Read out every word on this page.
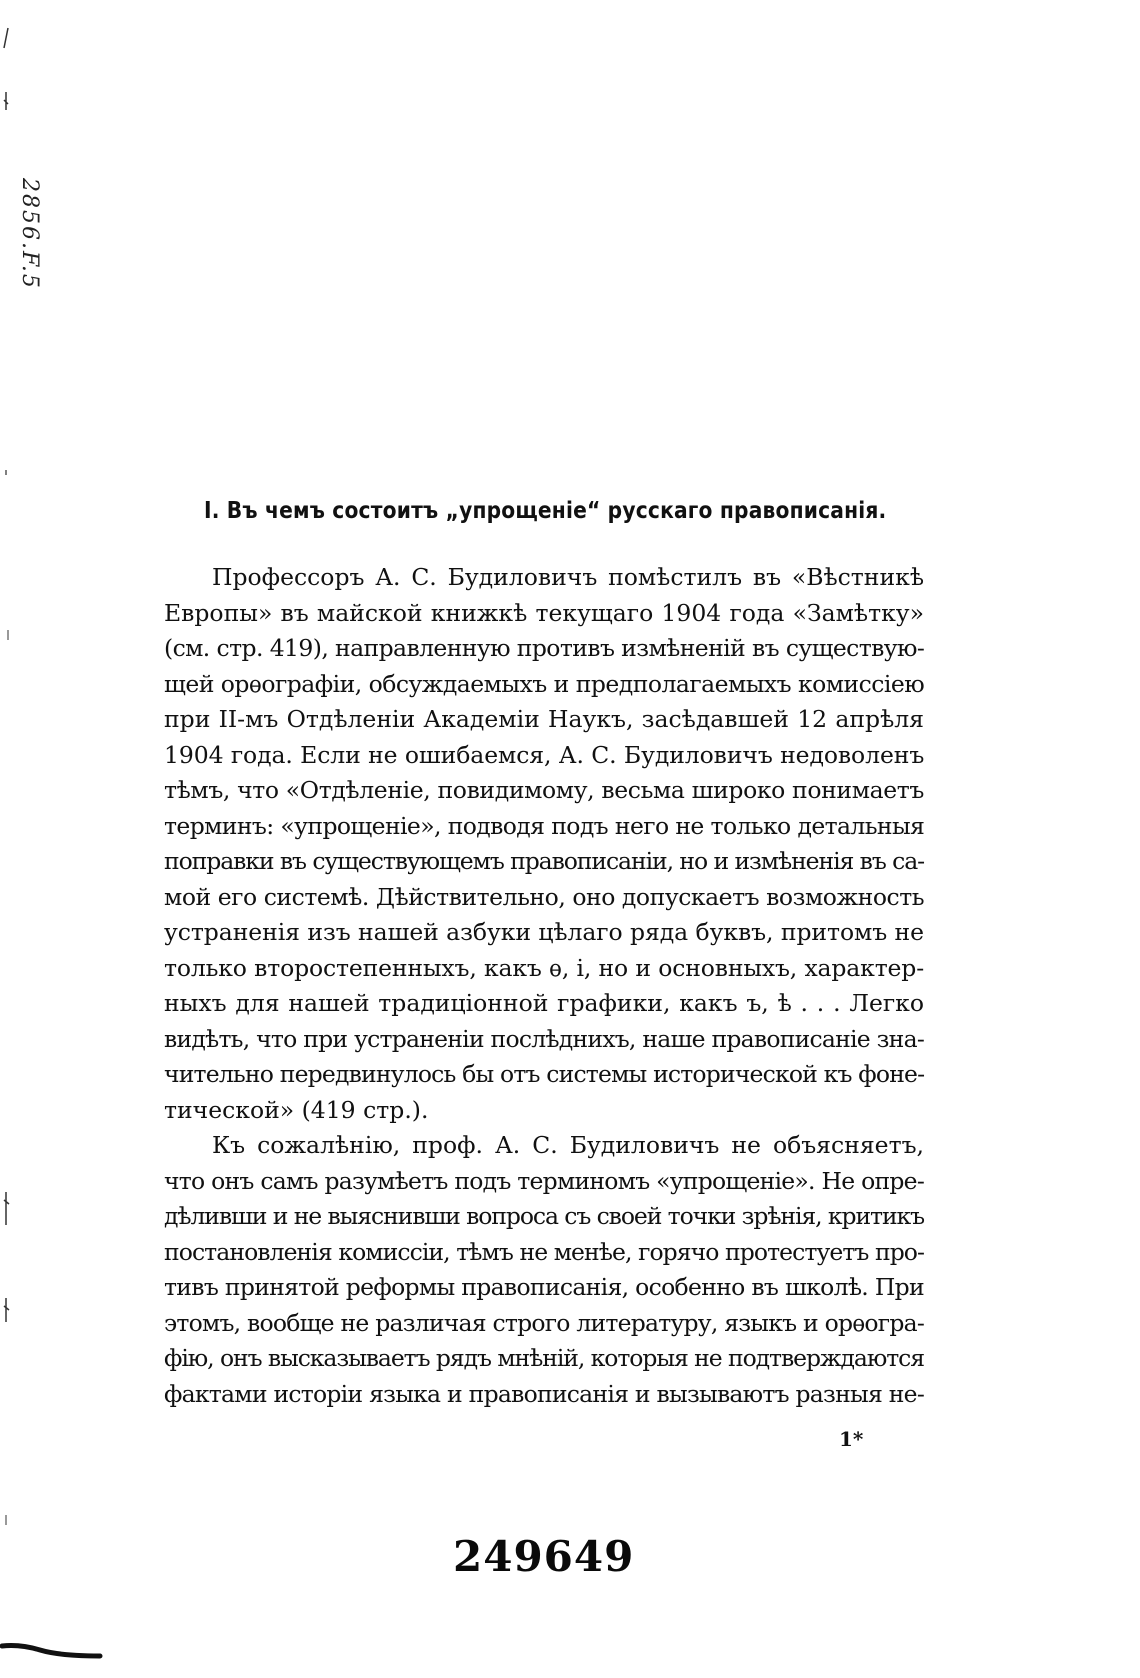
2856.F.5
I. Въ чемъ состоитъ „упрощеніе“ русскаго правописанія.
Профессоръ А. С. Будиловичъ помѣстилъ въ «Вѣстникѣ
Европы» въ майской книжкѣ текущаго 1904 года «Замѣтку»
(см. стр. 419), направленную противъ измѣненій въ существую-
щей орѳографіи, обсуждаемыхъ и предполагаемыхъ комиссіею
при II-мъ Отдѣленіи Академіи Наукъ, засѣдавшей 12 апрѣля
1904 года. Если не ошибаемся, А. С. Будиловичъ недоволенъ
тѣмъ, что «Отдѣленіе, повидимому, весьма широко понимаетъ
терминъ: «упрощеніе», подводя подъ него не только детальныя
поправки въ существующемъ правописаніи, но и измѣненія въ са-
мой его системѣ. Дѣйствительно, оно допускаетъ возможность
устраненія изъ нашей азбуки цѣлаго ряда буквъ, притомъ не
только второстепенныхъ, какъ ѳ, і, но и основныхъ, характер-
ныхъ для нашей традиціонной графики, какъ ъ, ѣ . . . Легко
видѣть, что при устраненіи послѣднихъ, наше правописаніе зна-
чительно передвинулось бы отъ системы исторической къ фоне-
тической» (419 стр.).
Къ сожалѣнію, проф. А. С. Будиловичъ не объясняетъ,
что онъ самъ разумѣетъ подъ терминомъ «упрощеніе». Не опре-
дѣливши и не выяснивши вопроса съ своей точки зрѣнія, критикъ
постановленія комиссіи, тѣмъ не менѣе, горячо протестуетъ про-
тивъ принятой реформы правописанія, особенно въ школѣ. При
этомъ, вообще не различая строго литературу, языкъ и орѳогра-
фію, онъ высказываетъ рядъ мнѣній, которыя не подтверждаются
фактами исторіи языка и правописанія и вызываютъ разныя не-
1*
249649
